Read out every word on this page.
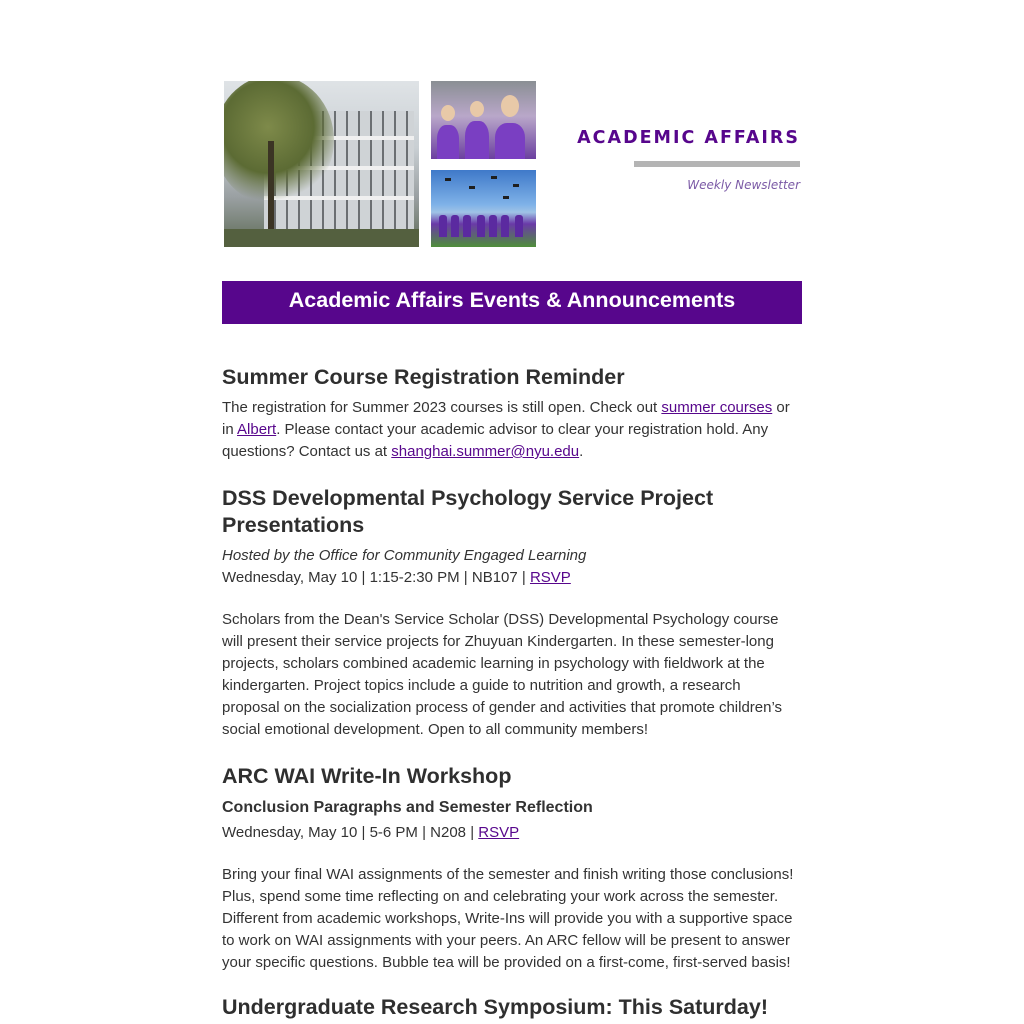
ACADEMIC AFFAIRS
Weekly Newsletter
Academic Affairs Events & Announcements
Summer Course Registration Reminder

The registration for Summer 2023 courses is still open. Check out summer courses or in Albert. Please contact your academic advisor to clear your registration hold. Any questions? Contact us at shanghai.summer@nyu.edu.

DSS Developmental Psychology Service Project Presentations

Hosted by the Office for Community Engaged Learning

Wednesday, May 10 | 1:15-2:30 PM | NB107 | RSVP

Scholars from the Dean's Service Scholar (DSS) Developmental Psychology course will present their service projects for Zhuyuan Kindergarten. In these semester-long projects, scholars combined academic learning in psychology with fieldwork at the kindergarten. Project topics include a guide to nutrition and growth, a research proposal on the socialization process of gender and activities that promote children’s social emotional development. Open to all community members!

ARC WAI Write-In Workshop

Conclusion Paragraphs and Semester Reflection

Wednesday, May 10 | 5-6 PM | N208 | RSVP

Bring your final WAI assignments of the semester and finish writing those conclusions! Plus, spend some time reflecting on and celebrating your work across the semester. Different from academic workshops, Write-Ins will provide you with a supportive space to work on WAI assignments with your peers. An ARC fellow will be present to answer your specific questions. Bubble tea will be provided on a first-come, first-served basis!

Undergraduate Research Symposium: This Saturday!
